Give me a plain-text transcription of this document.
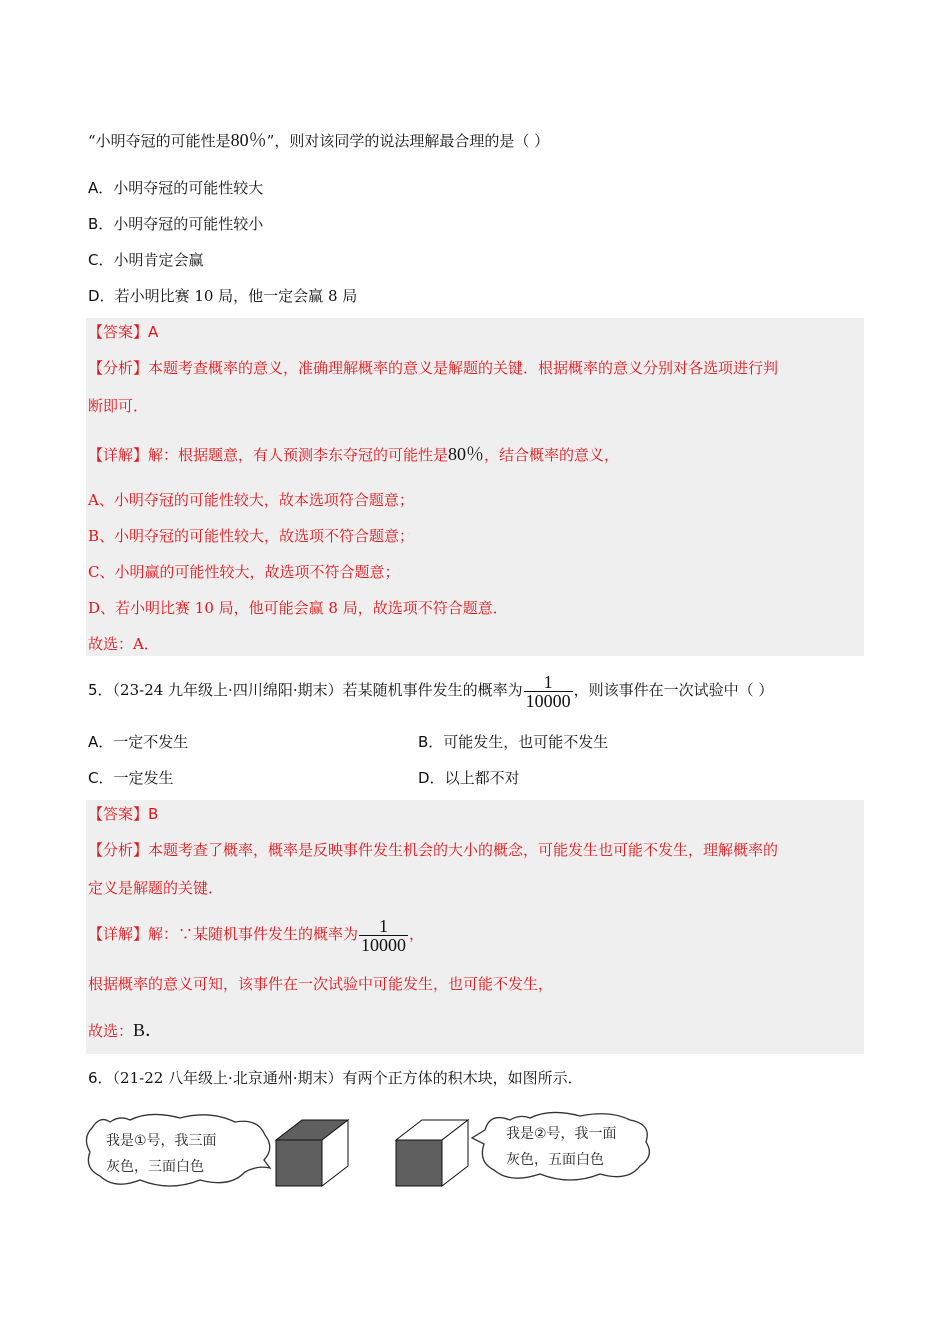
“小明夺冠的可能性是80％”，则对该同学的说法理解最合理的是（ ）
A．小明夺冠的可能性较大
B．小明夺冠的可能性较小
C．小明肯定会赢
D．若小明比赛 10 局，他一定会赢 8 局
【答案】A
【分析】本题考查概率的意义，准确理解概率的意义是解题的关键．根据概率的意义分别对各选项进行判
断即可．
【详解】解：根据题意，有人预测李东夺冠的可能性是80％，结合概率的意义，
A、小明夺冠的可能性较大，故本选项符合题意；
B、小明夺冠的可能性较大，故选项不符合题意；
C、小明赢的可能性较大，故选项不符合题意；
D、若小明比赛 10 局，他可能会赢 8 局，故选项不符合题意．
故选：A．
5．（23-24 九年级上·四川绵阳·期末）若某随机事件发生的概率为 $\frac{1}{10000}$ ，则该事件在一次试验中（ ）
A．一定不发生	B．可能发生，也可能不发生
C．一定发生	D．以上都不对
【答案】B
【分析】本题考查了概率，概率是反映事件发生机会的大小的概念，可能发生也可能不发生，理解概率的
定义是解题的关键．
【详解】解：∵某随机事件发生的概率为 $\frac{1}{10000}$ ，
根据概率的意义可知，该事件在一次试验中可能发生，也可能不发生，
故选：B．
6．（21-22 八年级上·北京通州·期末）有两个正方体的积木块，如图所示．
我是①号，我三面
灰色，三面白色
我是②号，我一面
灰色，五面白色
